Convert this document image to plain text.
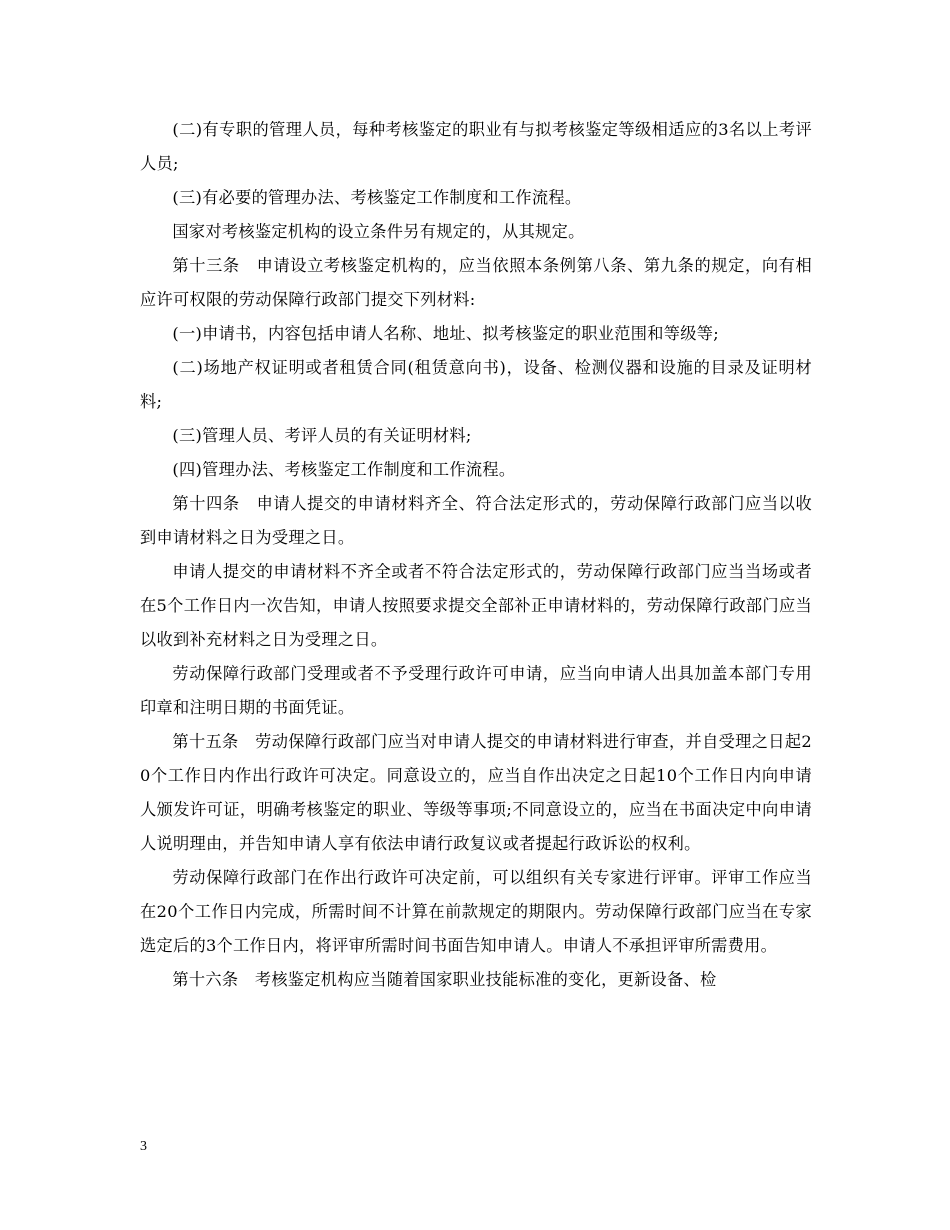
(二)有专职的管理人员，每种考核鉴定的职业有与拟考核鉴定等级相适应的3名以上考评人员;

(三)有必要的管理办法、考核鉴定工作制度和工作流程。

国家对考核鉴定机构的设立条件另有规定的，从其规定。

第十三条　申请设立考核鉴定机构的，应当依照本条例第八条、第九条的规定，向有相应许可权限的劳动保障行政部门提交下列材料:

(一)申请书，内容包括申请人名称、地址、拟考核鉴定的职业范围和等级等;

(二)场地产权证明或者租赁合同(租赁意向书)，设备、检测仪器和设施的目录及证明材料;

(三)管理人员、考评人员的有关证明材料;

(四)管理办法、考核鉴定工作制度和工作流程。

第十四条　申请人提交的申请材料齐全、符合法定形式的，劳动保障行政部门应当以收到申请材料之日为受理之日。

申请人提交的申请材料不齐全或者不符合法定形式的，劳动保障行政部门应当当场或者在5个工作日内一次告知，申请人按照要求提交全部补正申请材料的，劳动保障行政部门应当以收到补充材料之日为受理之日。

劳动保障行政部门受理或者不予受理行政许可申请，应当向申请人出具加盖本部门专用印章和注明日期的书面凭证。

第十五条　劳动保障行政部门应当对申请人提交的申请材料进行审查，并自受理之日起20个工作日内作出行政许可决定。同意设立的，应当自作出决定之日起10个工作日内向申请人颁发许可证，明确考核鉴定的职业、等级等事项;不同意设立的，应当在书面决定中向申请人说明理由，并告知申请人享有依法申请行政复议或者提起行政诉讼的权利。

劳动保障行政部门在作出行政许可决定前，可以组织有关专家进行评审。评审工作应当在20个工作日内完成，所需时间不计算在前款规定的期限内。劳动保障行政部门应当在专家选定后的3个工作日内，将评审所需时间书面告知申请人。申请人不承担评审所需费用。

第十六条　考核鉴定机构应当随着国家职业技能标准的变化，更新设备、检

3
